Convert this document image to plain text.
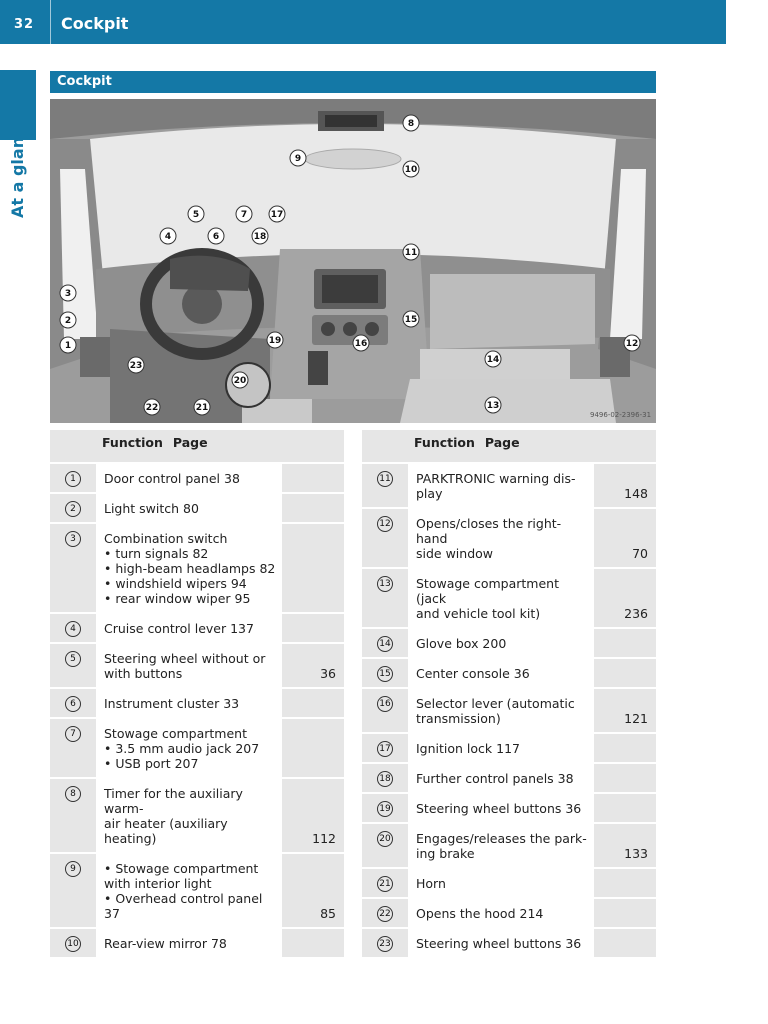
32 Cockpit
At a glanc
Cockpit
9496-02-2396-31
1
2
3
4
5
6
7
8
9
10
11
12
13
14
15
16
17
18
19
20
21
22
23

	Function Page	

1	Door control panel 38	

2	Light switch 80	

3	Combination switch
• turn signals 82
• high-beam headlamps 82
• windshield wipers 94
• rear window wiper 95	

4	Cruise control lever 137	

5	Steering wheel without or
with buttons	36
6	Instrument cluster 33	

7	Stowage compartment
• 3.5 mm audio jack 207
• USB port 207	

8	Timer for the auxiliary warm-
air heater (auxiliary heating)	112
9	• Stowage compartment
with interior light
• Overhead control panel 37	85
10	Rear-view mirror 78	

	Function Page	

11	PARKTRONIC warning dis-
play	148
12	Opens/closes the right-hand
side window	70
13	Stowage compartment (jack
and vehicle tool kit)	236
14	Glove box 200	

15	Center console 36	

16	Selector lever (automatic
transmission)	121
17	Ignition lock 117	

18	Further control panels 38	

19	Steering wheel buttons 36	

20	Engages/releases the park-
ing brake	133
21	Horn	

22	Opens the hood 214	

23	Steering wheel buttons 36	
